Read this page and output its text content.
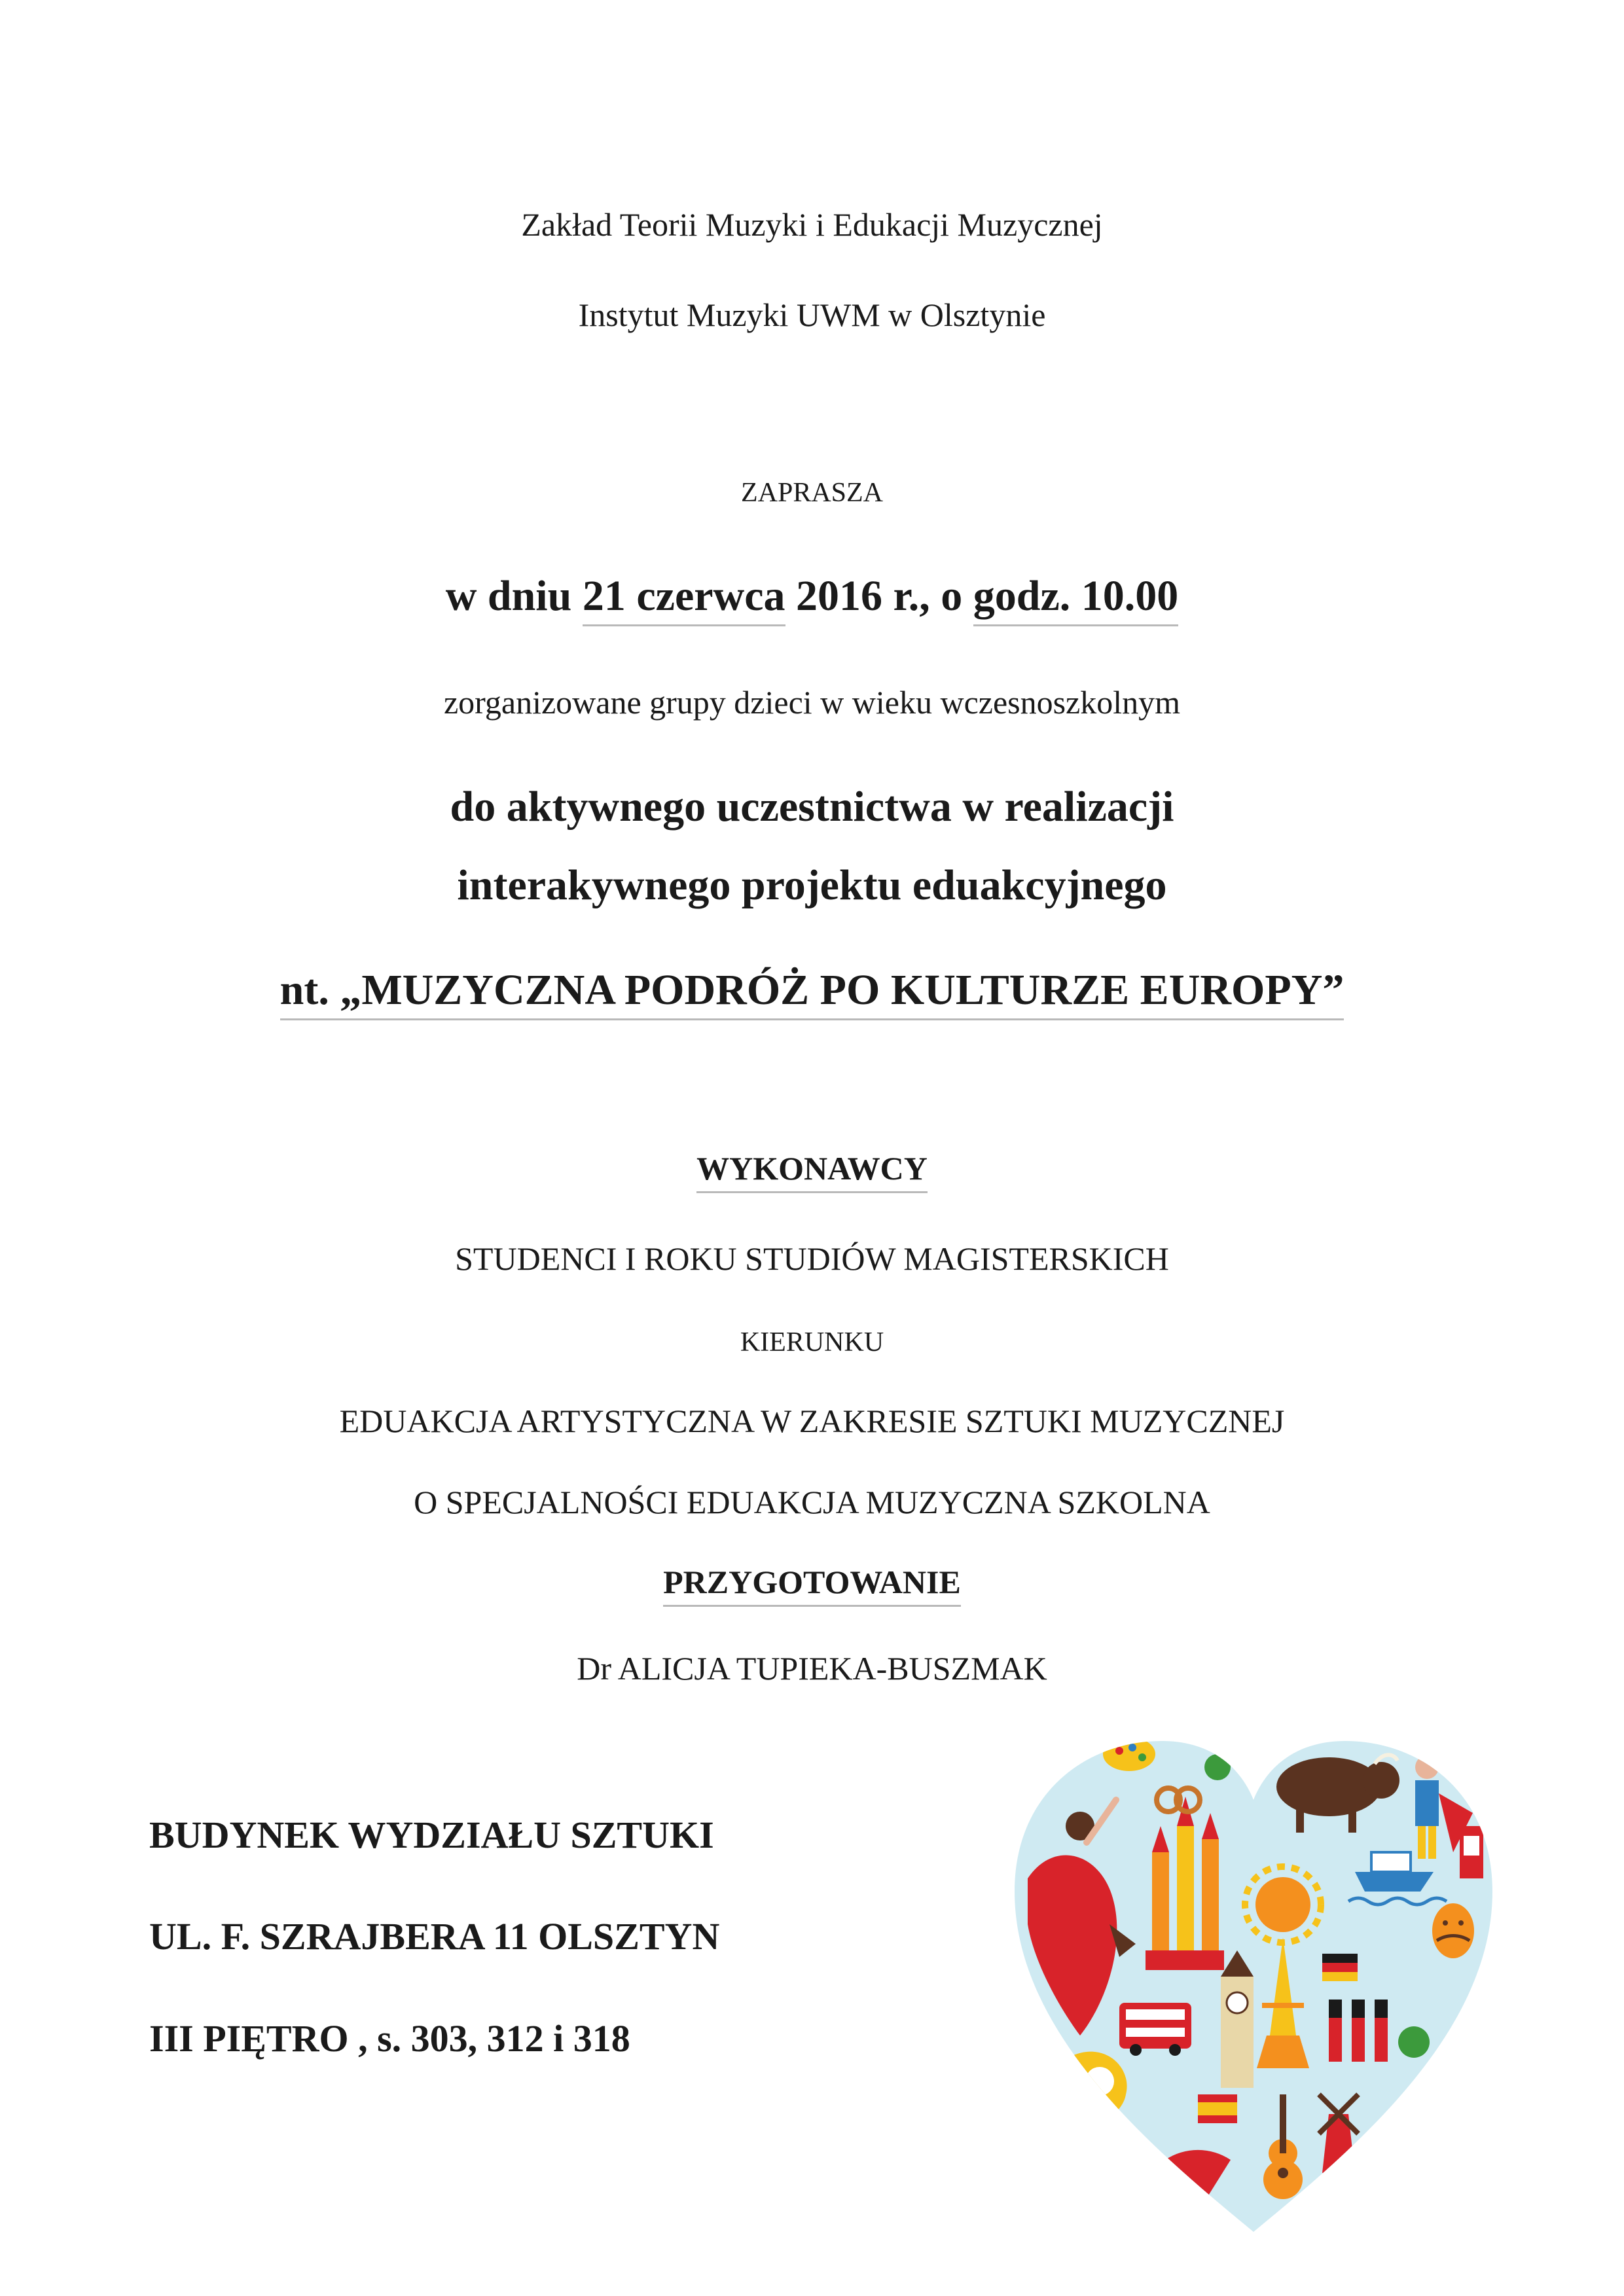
Zakład Teorii Muzyki i Edukacji Muzycznej
Instytut Muzyki UWM w Olsztynie
ZAPRASZA
w dniu 21 czerwca 2016 r., o godz. 10.00
zorganizowane grupy dzieci w wieku wczesnoszkolnym
do aktywnego uczestnictwa w realizacji
interakywnego projektu eduakcyjnego
nt. „MUZYCZNA PODRÓŻ PO KULTURZE EUROPY”
WYKONAWCY
STUDENCI I ROKU STUDIÓW MAGISTERSKICH
KIERUNKU
EDUAKCJA ARTYSTYCZNA W ZAKRESIE SZTUKI MUZYCZNEJ
O SPECJALNOŚCI EDUAKCJA MUZYCZNA SZKOLNA
PRZYGOTOWANIE
Dr ALICJA TUPIEKA-BUSZMAK
BUDYNEK WYDZIAŁU SZTUKI
UL. F. SZRAJBERA 11 OLSZTYN
III PIĘTRO , s. 303, 312 i 318
